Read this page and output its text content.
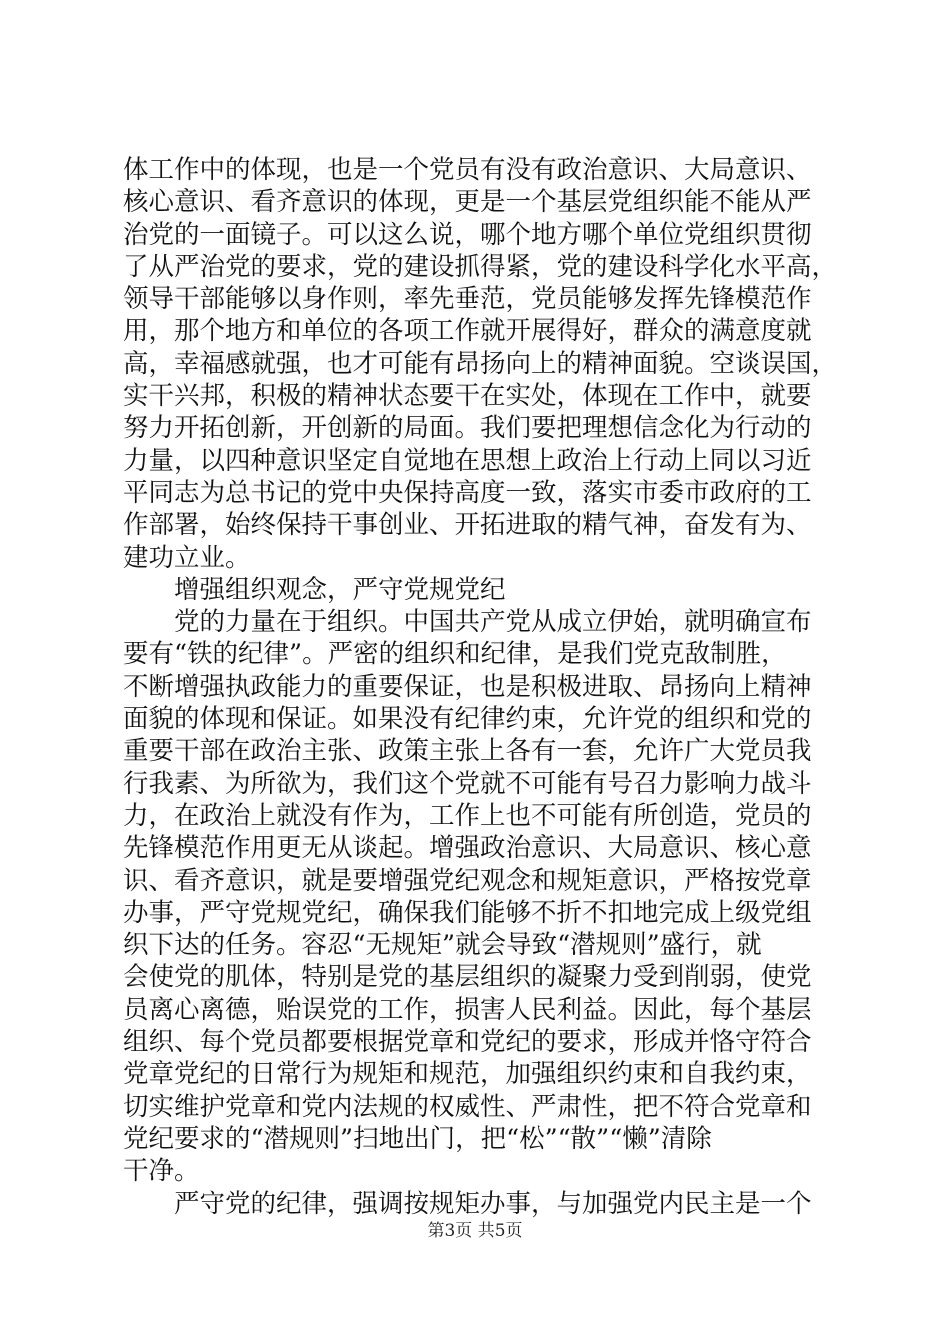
体工作中的体现，也是一个党员有没有政治意识、大局意识、
核心意识、看齐意识的体现，更是一个基层党组织能不能从严
治党的一面镜子。可以这么说，哪个地方哪个单位党组织贯彻
了从严治党的要求，党的建设抓得紧，党的建设科学化水平高，
领导干部能够以身作则，率先垂范，党员能够发挥先锋模范作
用，那个地方和单位的各项工作就开展得好，群众的满意度就
高，幸福感就强，也才可能有昂扬向上的精神面貌。空谈误国，
实干兴邦，积极的精神状态要干在实处，体现在工作中，就要
努力开拓创新，开创新的局面。我们要把理想信念化为行动的
力量，以四种意识坚定自觉地在思想上政治上行动上同以习近
平同志为总书记的党中央保持高度一致，落实市委市政府的工
作部署，始终保持干事创业、开拓进取的精气神，奋发有为、
建功立业。
增强组织观念，严守党规党纪
党的力量在于组织。中国共产党从成立伊始，就明确宣布
要有“铁的纪律”。严密的组织和纪律，是我们党克敌制胜，
不断增强执政能力的重要保证，也是积极进取、昂扬向上精神
面貌的体现和保证。如果没有纪律约束，允许党的组织和党的
重要干部在政治主张、政策主张上各有一套，允许广大党员我
行我素、为所欲为，我们这个党就不可能有号召力影响力战斗
力，在政治上就没有作为，工作上也不可能有所创造，党员的
先锋模范作用更无从谈起。增强政治意识、大局意识、核心意
识、看齐意识，就是要增强党纪观念和规矩意识，严格按党章
办事，严守党规党纪，确保我们能够不折不扣地完成上级党组
织下达的任务。容忍“无规矩”就会导致“潜规则”盛行，就
会使党的肌体，特别是党的基层组织的凝聚力受到削弱，使党
员离心离德，贻误党的工作，损害人民利益。因此，每个基层
组织、每个党员都要根据党章和党纪的要求，形成并恪守符合
党章党纪的日常行为规矩和规范，加强组织约束和自我约束，
切实维护党章和党内法规的权威性、严肃性，把不符合党章和
党纪要求的“潜规则”扫地出门，把“松”“散”“懒”清除
干净。
严守党的纪律，强调按规矩办事，与加强党内民主是一个
第3页 共5页
